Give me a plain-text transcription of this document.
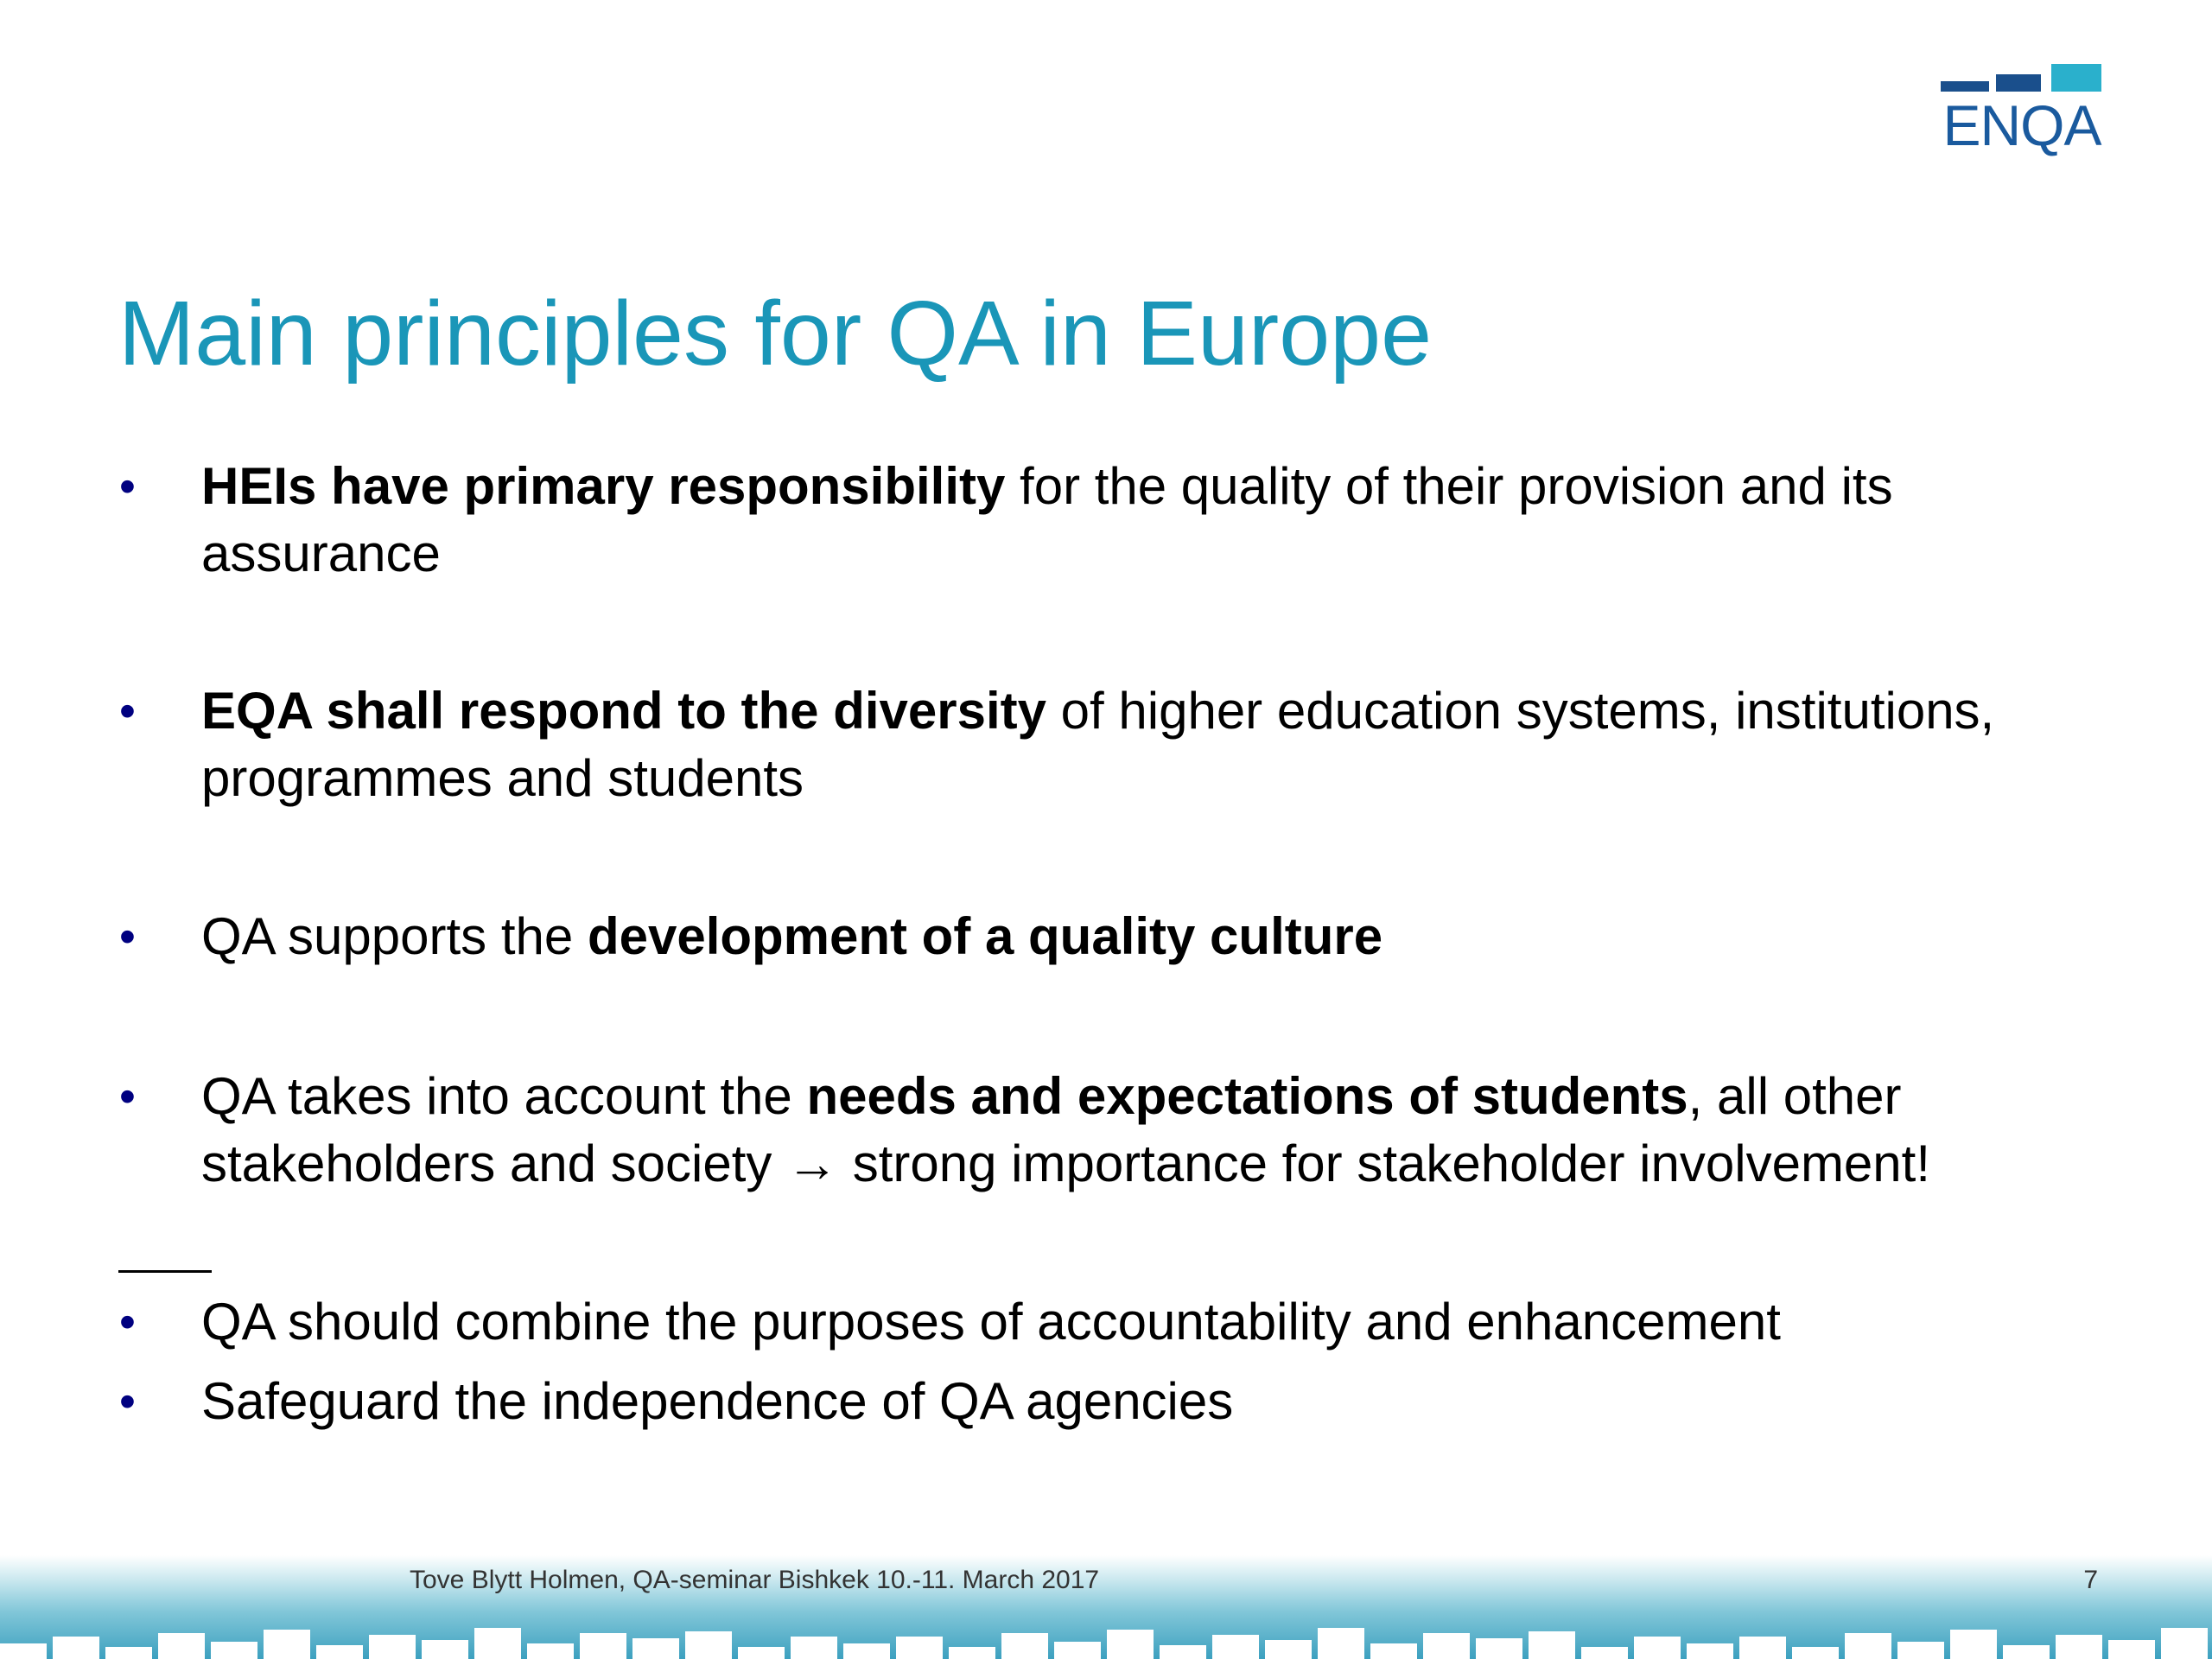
ENQA
Main principles for QA in Europe
• HEIs have primary responsibility for the quality of their provision and its assurance
• EQA shall respond to the diversity of higher education systems, institutions, programmes and students
• QA supports the development of a quality culture
• QA takes into account the needs and expectations of students, all other stakeholders and society → strong importance for stakeholder involvement!
• QA should combine the purposes of accountability and enhancement
• Safeguard the independence of QA agencies
Tove Blytt Holmen, QA-seminar Bishkek 10.-11. March 2017	7
